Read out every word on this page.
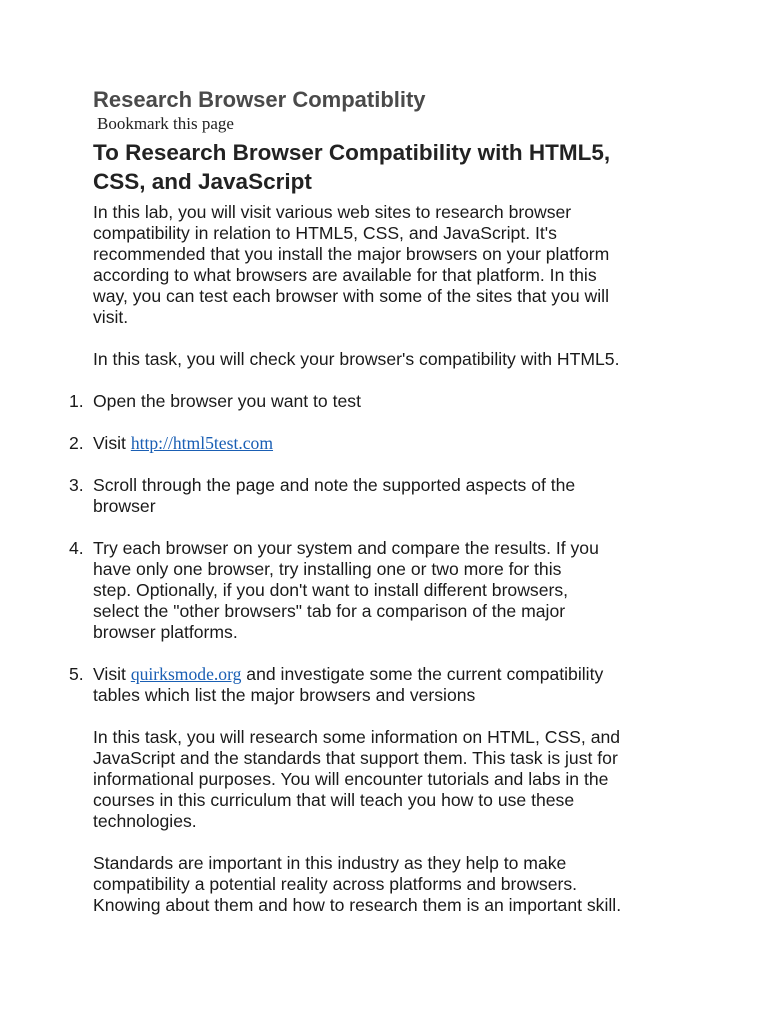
Research Browser Compatiblity
Bookmark this page
To Research Browser Compatibility with HTML5,
CSS, and JavaScript
In this lab, you will visit various web sites to research browser
compatibility in relation to HTML5, CSS, and JavaScript. It's
recommended that you install the major browsers on your platform
according to what browsers are available for that platform. In this
way, you can test each browser with some of the sites that you will
visit.
In this task, you will check your browser's compatibility with HTML5.
1. Open the browser you want to test
2. Visit http://html5test.com
3. Scroll through the page and note the supported aspects of the
browser
4. Try each browser on your system and compare the results. If you
have only one browser, try installing one or two more for this
step. Optionally, if you don't want to install different browsers,
select the "other browsers" tab for a comparison of the major
browser platforms.
5. Visit quirksmode.org and investigate some the current compatibility
tables which list the major browsers and versions
In this task, you will research some information on HTML, CSS, and
JavaScript and the standards that support them. This task is just for
informational purposes. You will encounter tutorials and labs in the
courses in this curriculum that will teach you how to use these
technologies.
Standards are important in this industry as they help to make
compatibility a potential reality across platforms and browsers.
Knowing about them and how to research them is an important skill.
